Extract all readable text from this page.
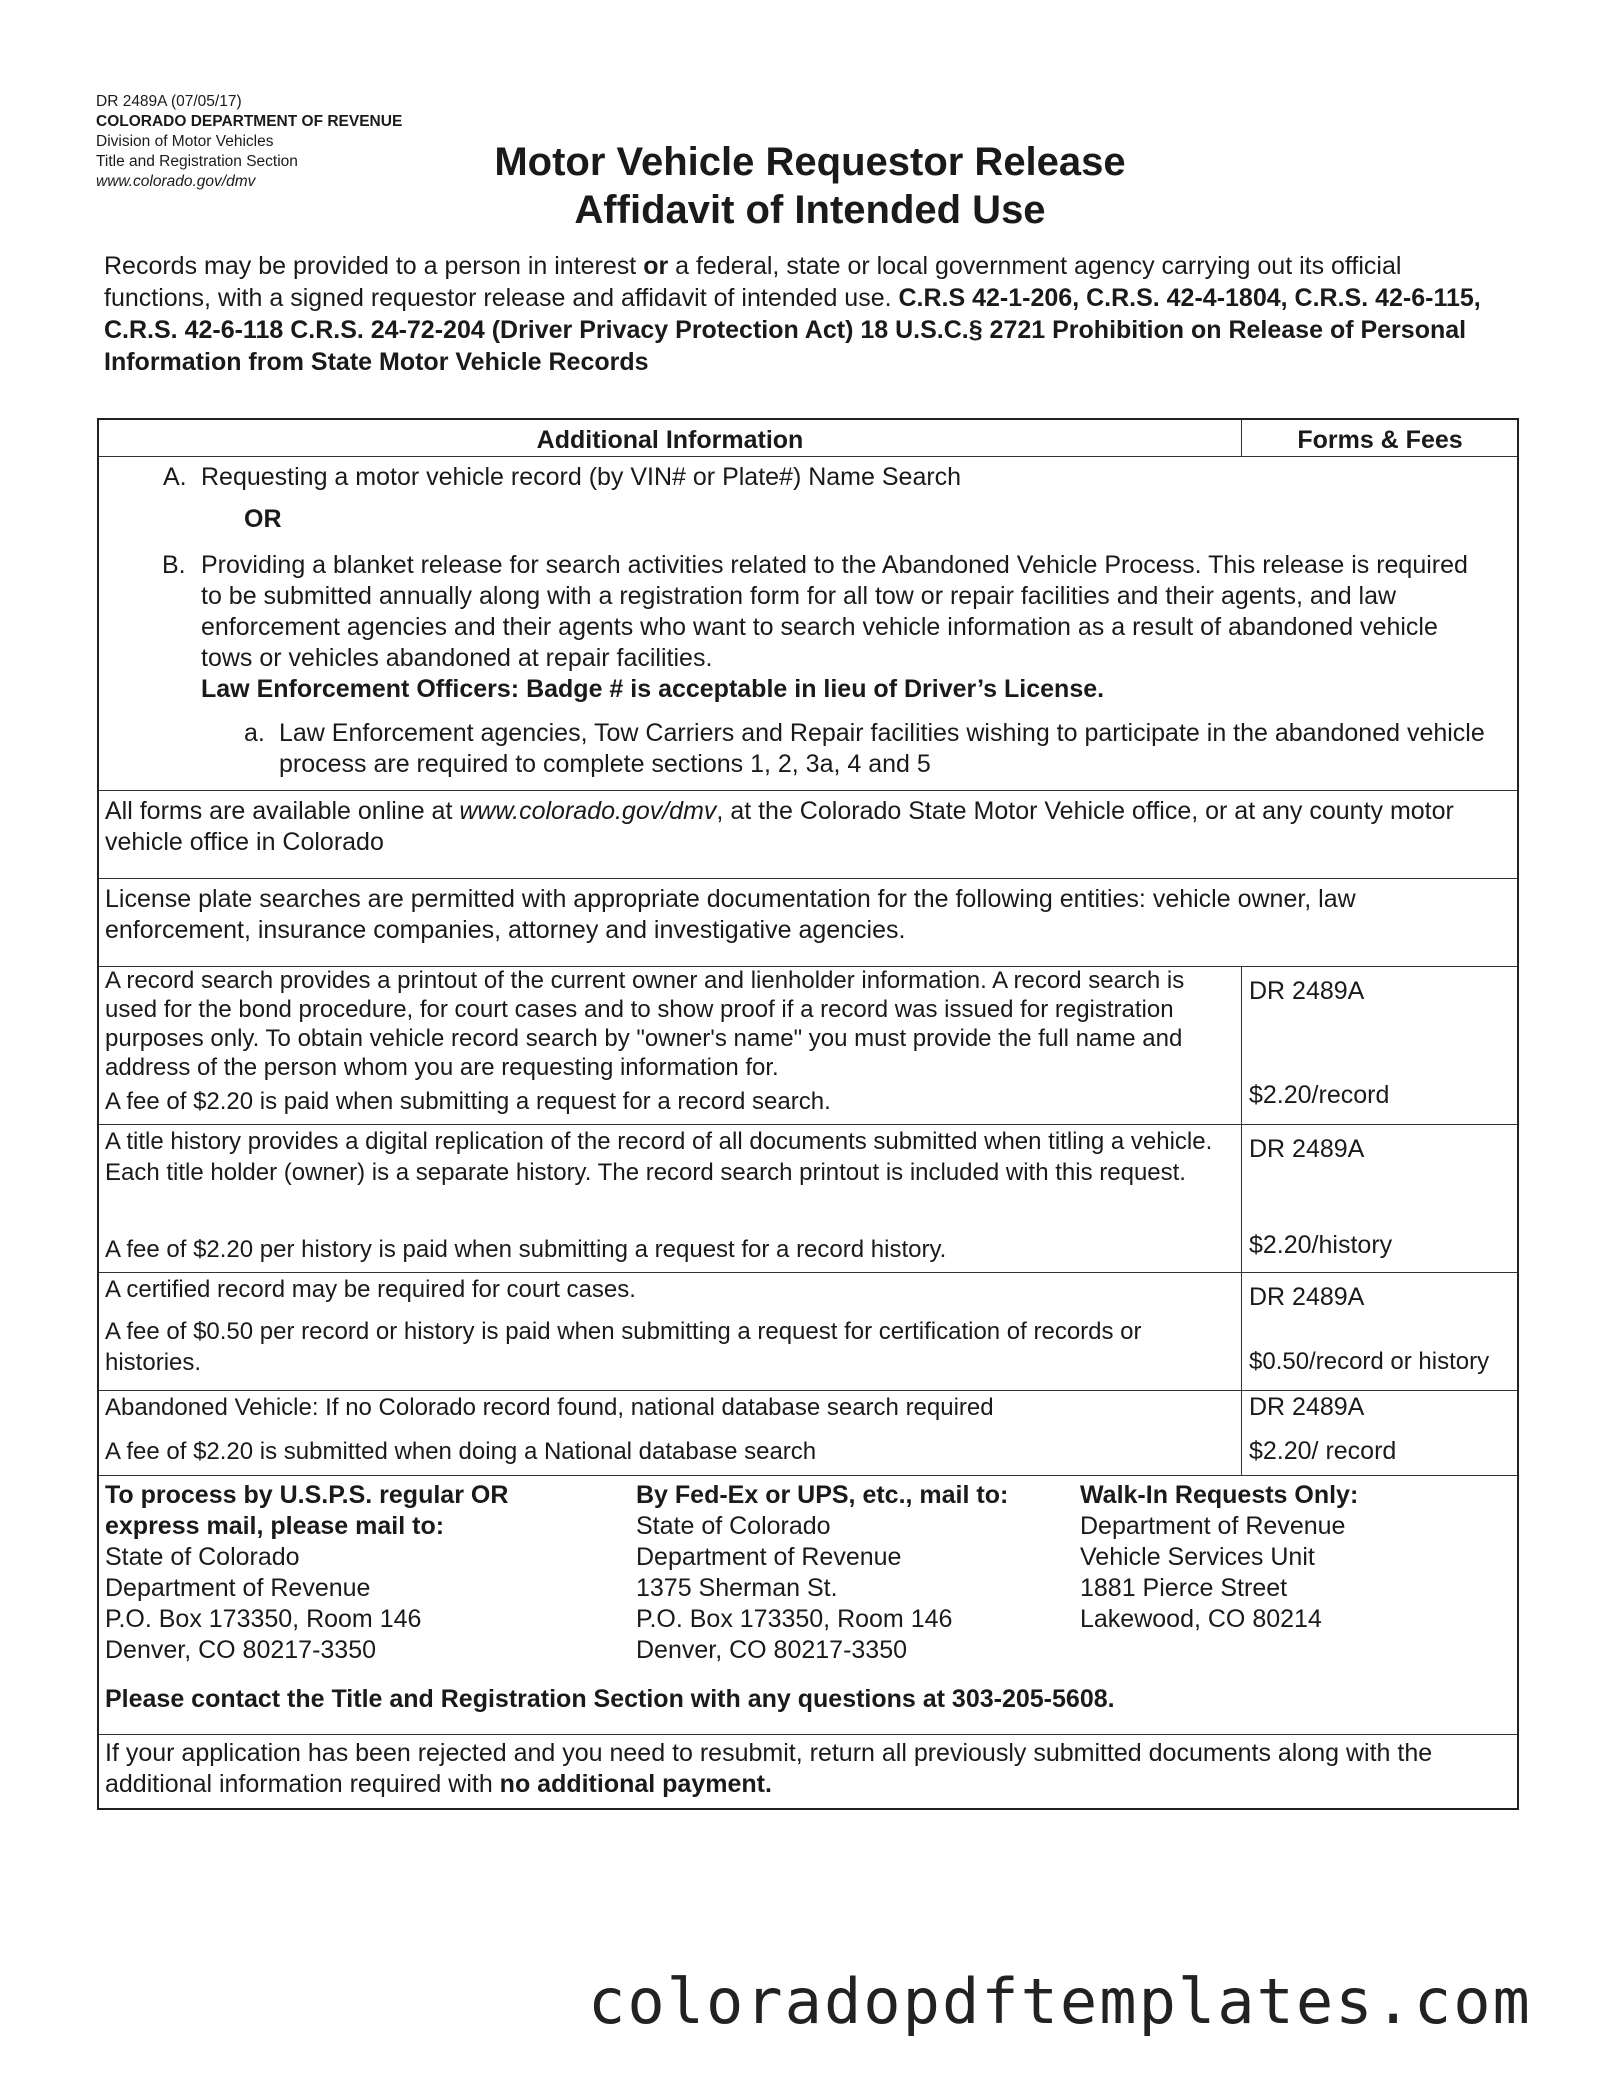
DR 2489A (07/05/17)
COLORADO DEPARTMENT OF REVENUE
Division of Motor Vehicles
Title and Registration Section
www.colorado.gov/dmv	Motor Vehicle Requestor Release
Affidavit of Intended Use
Records may be provided to a person in interest or a federal, state or local government agency carrying out its official functions, with a signed requestor release and affidavit of intended use. C.R.S 42-1-206, C.R.S. 42-4-1804, C.R.S. 42-6-115, C.R.S. 42-6-118 C.R.S. 24-72-204 (Driver Privacy Protection Act) 18 U.S.C.§ 2721 Prohibition on Release of Personal Information from State Motor Vehicle Records
Additional Information	Forms & Fees
A. Requesting a motor vehicle record (by VIN# or Plate#) Name Search
OR
B. Providing a blanket release for search activities related to the Abandoned Vehicle Process. This release is required to be submitted annually along with a registration form for all tow or repair facilities and their agents, and law enforcement agencies and their agents who want to search vehicle information as a result of abandoned vehicle tows or vehicles abandoned at repair facilities.
Law Enforcement Officers: Badge # is acceptable in lieu of Driver’s License.
a. Law Enforcement agencies, Tow Carriers and Repair facilities wishing to participate in the abandoned vehicle process are required to complete sections 1, 2, 3a, 4 and 5
All forms are available online at www.colorado.gov/dmv, at the Colorado State Motor Vehicle office, or at any county motor vehicle office in Colorado
License plate searches are permitted with appropriate documentation for the following entities: vehicle owner, law enforcement, insurance companies, attorney and investigative agencies.
A record search provides a printout of the current owner and lienholder information. A record search is used for the bond procedure, for court cases and to show proof if a record was issued for registration purposes only. To obtain vehicle record search by "owner's name" you must provide the full name and address of the person whom you are requesting information for.
A fee of $2.20 is paid when submitting a request for a record search.
DR 2489A
$2.20/record
A title history provides a digital replication of the record of all documents submitted when titling a vehicle. Each title holder (owner) is a separate history. The record search printout is included with this request.
A fee of $2.20 per history is paid when submitting a request for a record history.
DR 2489A
$2.20/history
A certified record may be required for court cases.
A fee of $0.50 per record or history is paid when submitting a request for certification of records or histories.
DR 2489A
$0.50/record or history
Abandoned Vehicle: If no Colorado record found, national database search required
A fee of $2.20 is submitted when doing a National database search
DR 2489A
$2.20/ record
To process by U.S.P.S. regular OR
express mail, please mail to:
State of Colorado
Department of Revenue
P.O. Box 173350, Room 146
Denver, CO 80217-3350
By Fed-Ex or UPS, etc., mail to:
State of Colorado
Department of Revenue
1375 Sherman St.
P.O. Box 173350, Room 146
Denver, CO 80217-3350
Walk-In Requests Only:
Department of Revenue
Vehicle Services Unit
1881 Pierce Street
Lakewood, CO 80214
Please contact the Title and Registration Section with any questions at 303-205-5608.
If your application has been rejected and you need to resubmit, return all previously submitted documents along with the additional information required with no additional payment.
coloradopdftemplates.com
